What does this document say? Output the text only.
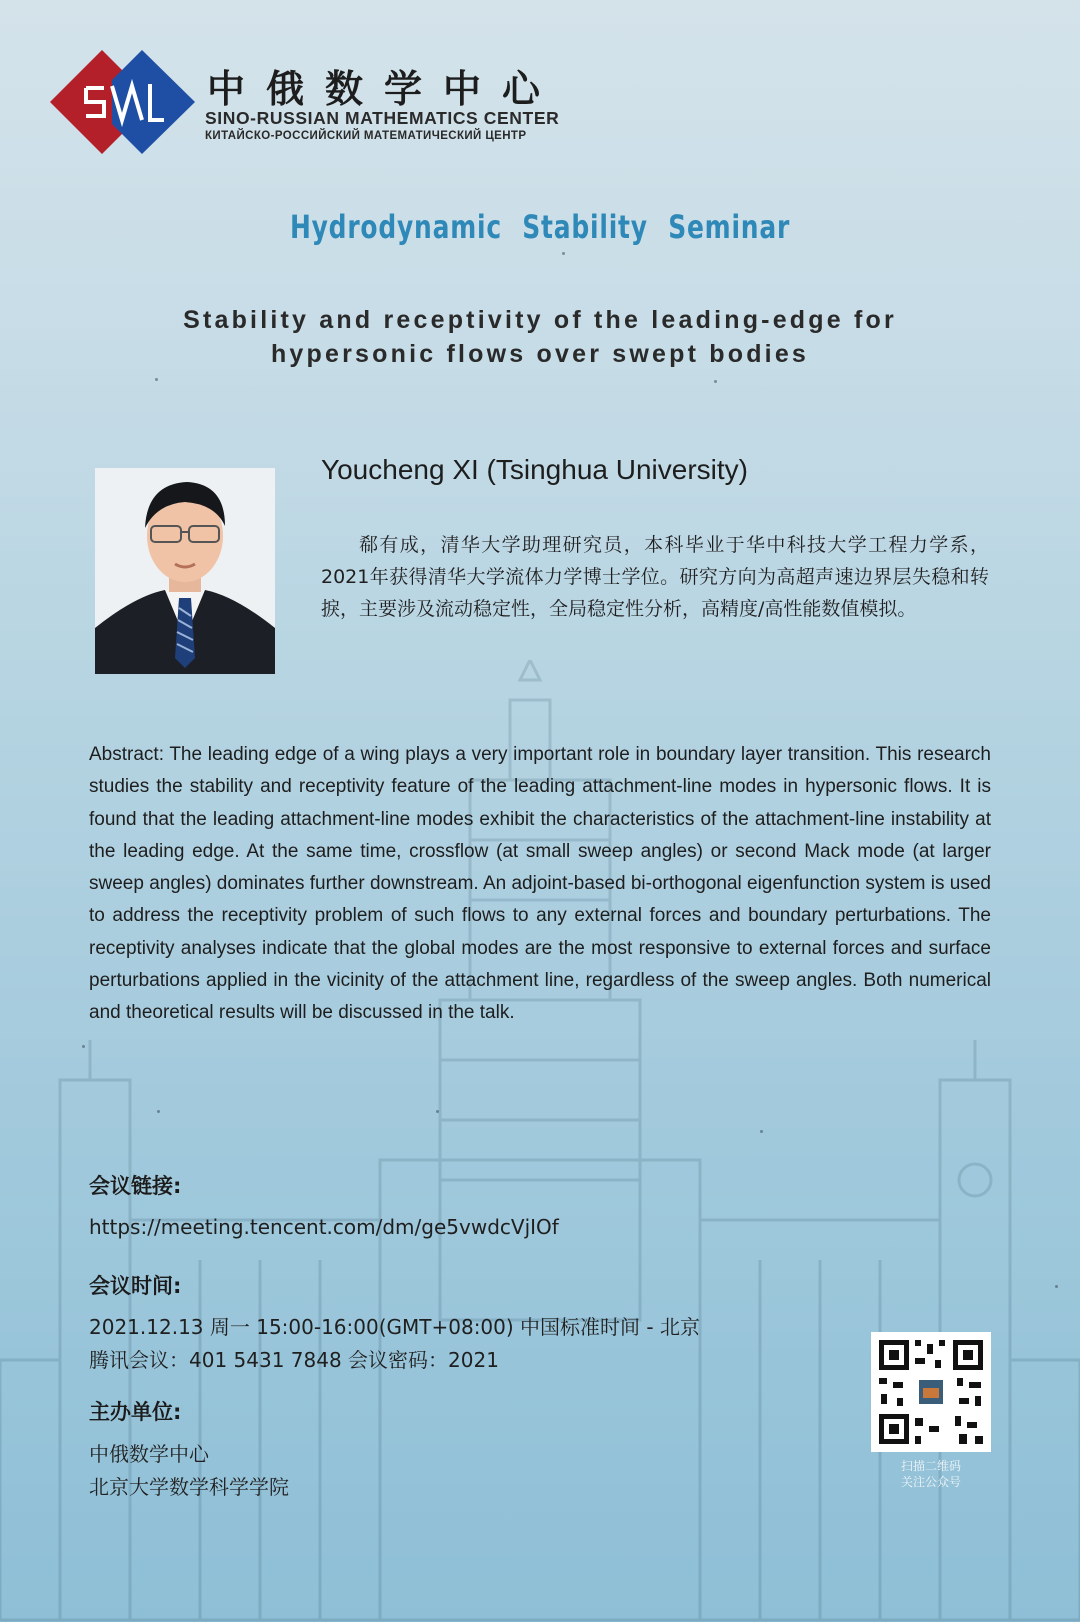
中俄数学中心
SINO-RUSSIAN MATHEMATICS CENTER
КИТАЙСКО-РОССИЙСКИЙ МАТЕМАТИЧЕСКИЙ ЦЕНТР
Hydrodynamic Stability Seminar
Stability and receptivity of the leading-edge for
hypersonic flows over swept bodies
Youcheng XI (Tsinghua University)
郗有成，清华大学助理研究员，本科毕业于华中科技大学工程力学系，2021年获得清华大学流体力学博士学位。研究方向为高超声速边界层失稳和转捩，主要涉及流动稳定性，全局稳定性分析，高精度/高性能数值模拟。
Abstract: The leading edge of a wing plays a very important role in boundary layer transition. This research studies the stability and receptivity feature of the leading attachment-line modes in hypersonic flows. It is found that the leading attachment-line modes exhibit the characteristics of the attachment-line instability at the leading edge. At the same time, crossflow (at small sweep angles) or second Mack mode (at larger sweep angles) dominates further downstream. An adjoint-based bi-orthogonal eigenfunction system is used to address the receptivity problem of such flows to any external forces and boundary perturbations. The receptivity analyses indicate that the global modes are the most responsive to external forces and surface perturbations applied in the vicinity of the attachment line, regardless of the sweep angles. Both numerical and theoretical results will be discussed in the talk.
会议链接:
https://meeting.tencent.com/dm/ge5vwdcVjIOf
会议时间:
2021.12.13 周一 15:00-16:00(GMT+08:00) 中国标准时间 - 北京
腾讯会议：401 5431 7848 会议密码：2021
主办单位:
中俄数学中心
北京大学数学科学学院
扫描二维码
关注公众号
